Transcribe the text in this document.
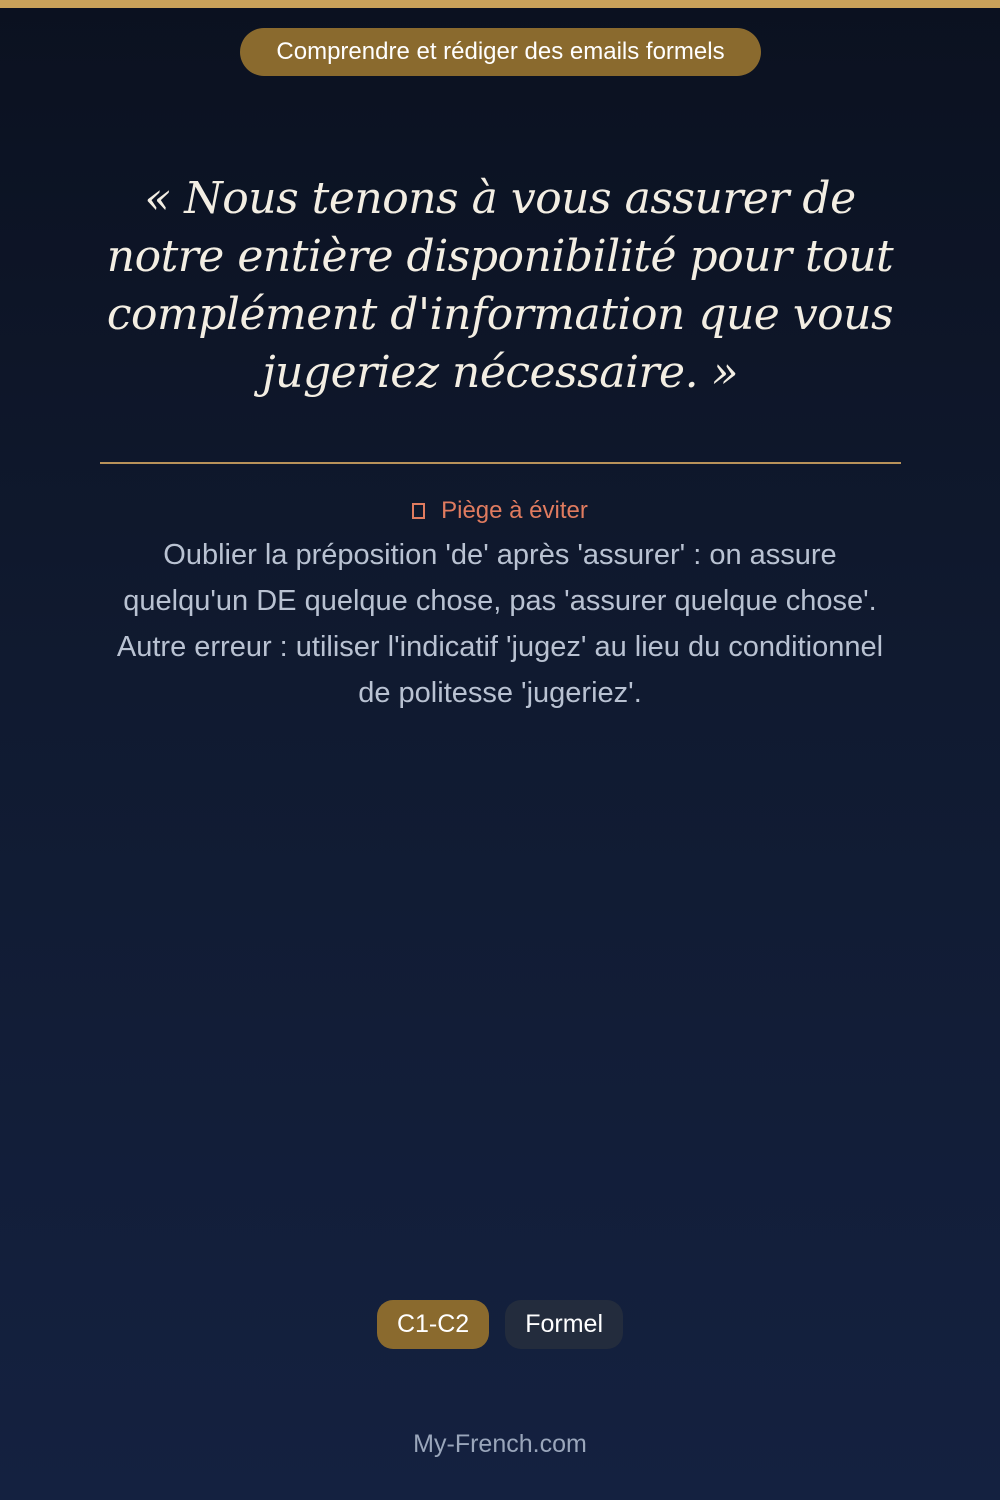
Comprendre et rédiger des emails formels

« Nous tenons à vous assurer de notre entière disponibilité pour tout complément d'information que vous jugeriez nécessaire. »

Piège à éviter

Oublier la préposition 'de' après 'assurer' : on assure quelqu'un DE quelque chose, pas 'assurer quelque chose'. Autre erreur : utiliser l'indicatif 'jugez' au lieu du conditionnel de politesse 'jugeriez'.

C1-C2 Formel
My-French.com
